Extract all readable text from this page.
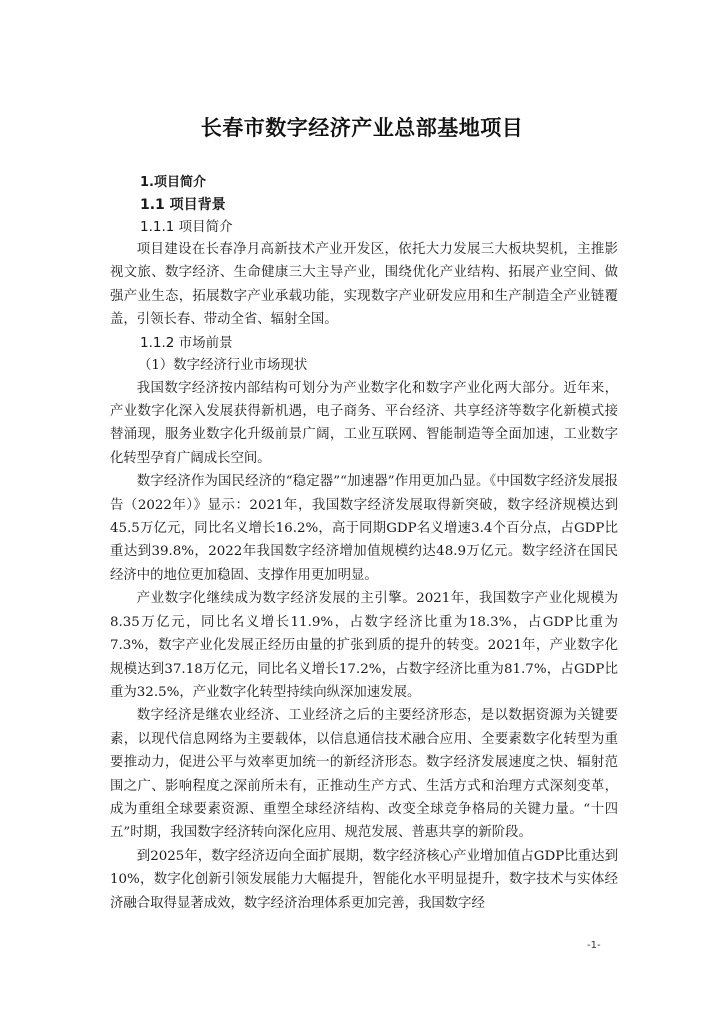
长春市数字经济产业总部基地项目
1.项目简介
1.1 项目背景
1.1.1 项目简介

项目建设在长春净月高新技术产业开发区，依托大力发展三大板块契机，主推影视文旅、数字经济、生命健康三大主导产业，围绕优化产业结构、拓展产业空间、做强产业生态，拓展数字产业承载功能，实现数字产业研发应用和生产制造全产业链覆盖，引领长春、带动全省、辐射全国。

1.1.2 市场前景
（1）数字经济行业市场现状

我国数字经济按内部结构可划分为产业数字化和数字产业化两大部分。近年来，产业数字化深入发展获得新机遇，电子商务、平台经济、共享经济等数字化新模式接替涌现，服务业数字化升级前景广阔，工业互联网、智能制造等全面加速，工业数字化转型孕育广阔成长空间。

数字经济作为国民经济的“稳定器”“加速器”作用更加凸显。《中国数字经济发展报告（2022年）》显示：2021年，我国数字经济发展取得新突破，数字经济规模达到45.5万亿元，同比名义增长16.2%，高于同期GDP名义增速3.4个百分点，占GDP比重达到39.8%，2022年我国数字经济增加值规模约达48.9万亿元。数字经济在国民经济中的地位更加稳固、支撑作用更加明显。

产业数字化继续成为数字经济发展的主引擎。2021年，我国数字产业化规模为8.35万亿元，同比名义增长11.9%，占数字经济比重为18.3%，占GDP比重为7.3%，数字产业化发展正经历由量的扩张到质的提升的转变。2021年，产业数字化规模达到37.18万亿元，同比名义增长17.2%，占数字经济比重为81.7%，占GDP比重为32.5%，产业数字化转型持续向纵深加速发展。

数字经济是继农业经济、工业经济之后的主要经济形态，是以数据资源为关键要素，以现代信息网络为主要载体，以信息通信技术融合应用、全要素数字化转型为重要推动力，促进公平与效率更加统一的新经济形态。数字经济发展速度之快、辐射范围之广、影响程度之深前所未有，正推动生产方式、生活方式和治理方式深刻变革，成为重组全球要素资源、重塑全球经济结构、改变全球竞争格局的关键力量。“十四五”时期，我国数字经济转向深化应用、规范发展、普惠共享的新阶段。

到2025年，数字经济迈向全面扩展期，数字经济核心产业增加值占GDP比重达到10%，数字化创新引领发展能力大幅提升，智能化水平明显提升，数字技术与实体经济融合取得显著成效，数字经济治理体系更加完善，我国数字经

-1-
